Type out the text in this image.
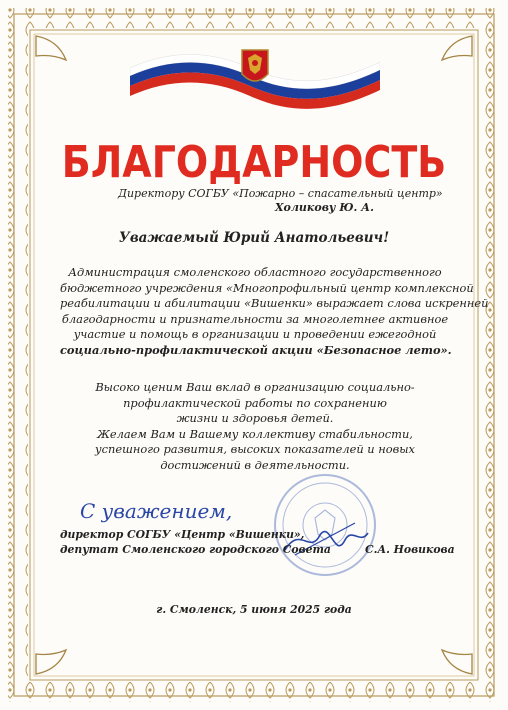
БЛАГОДАРНОСТЬ
Директору СОГБУ «Пожарно – спасательный центр»
Холикову Ю. А.
Уважаемый Юрий Анатольевич!
Администрация смоленского областного государственного
бюджетного учреждения «Многопрофильный центр комплексной
реабилитации и абилитации «Вишенки» выражает слова искренней
благодарности и признательности за многолетнее активное
участие и помощь в организации и проведении ежегодной
социально-профилактической акции «Безопасное лето».
Высоко ценим Ваш вклад в организацию социально-
профилактической работы по сохранению
жизни и здоровья детей.
Желаем Вам и Вашему коллективу стабильности,
успешного развития, высоких показателей и новых
достижений в деятельности.
С уважением,
директор СОГБУ «Центр «Вишенки»,
депутат Смоленского городского Совета	С.А. Новикова
г. Смоленск, 5 июня 2025 года
